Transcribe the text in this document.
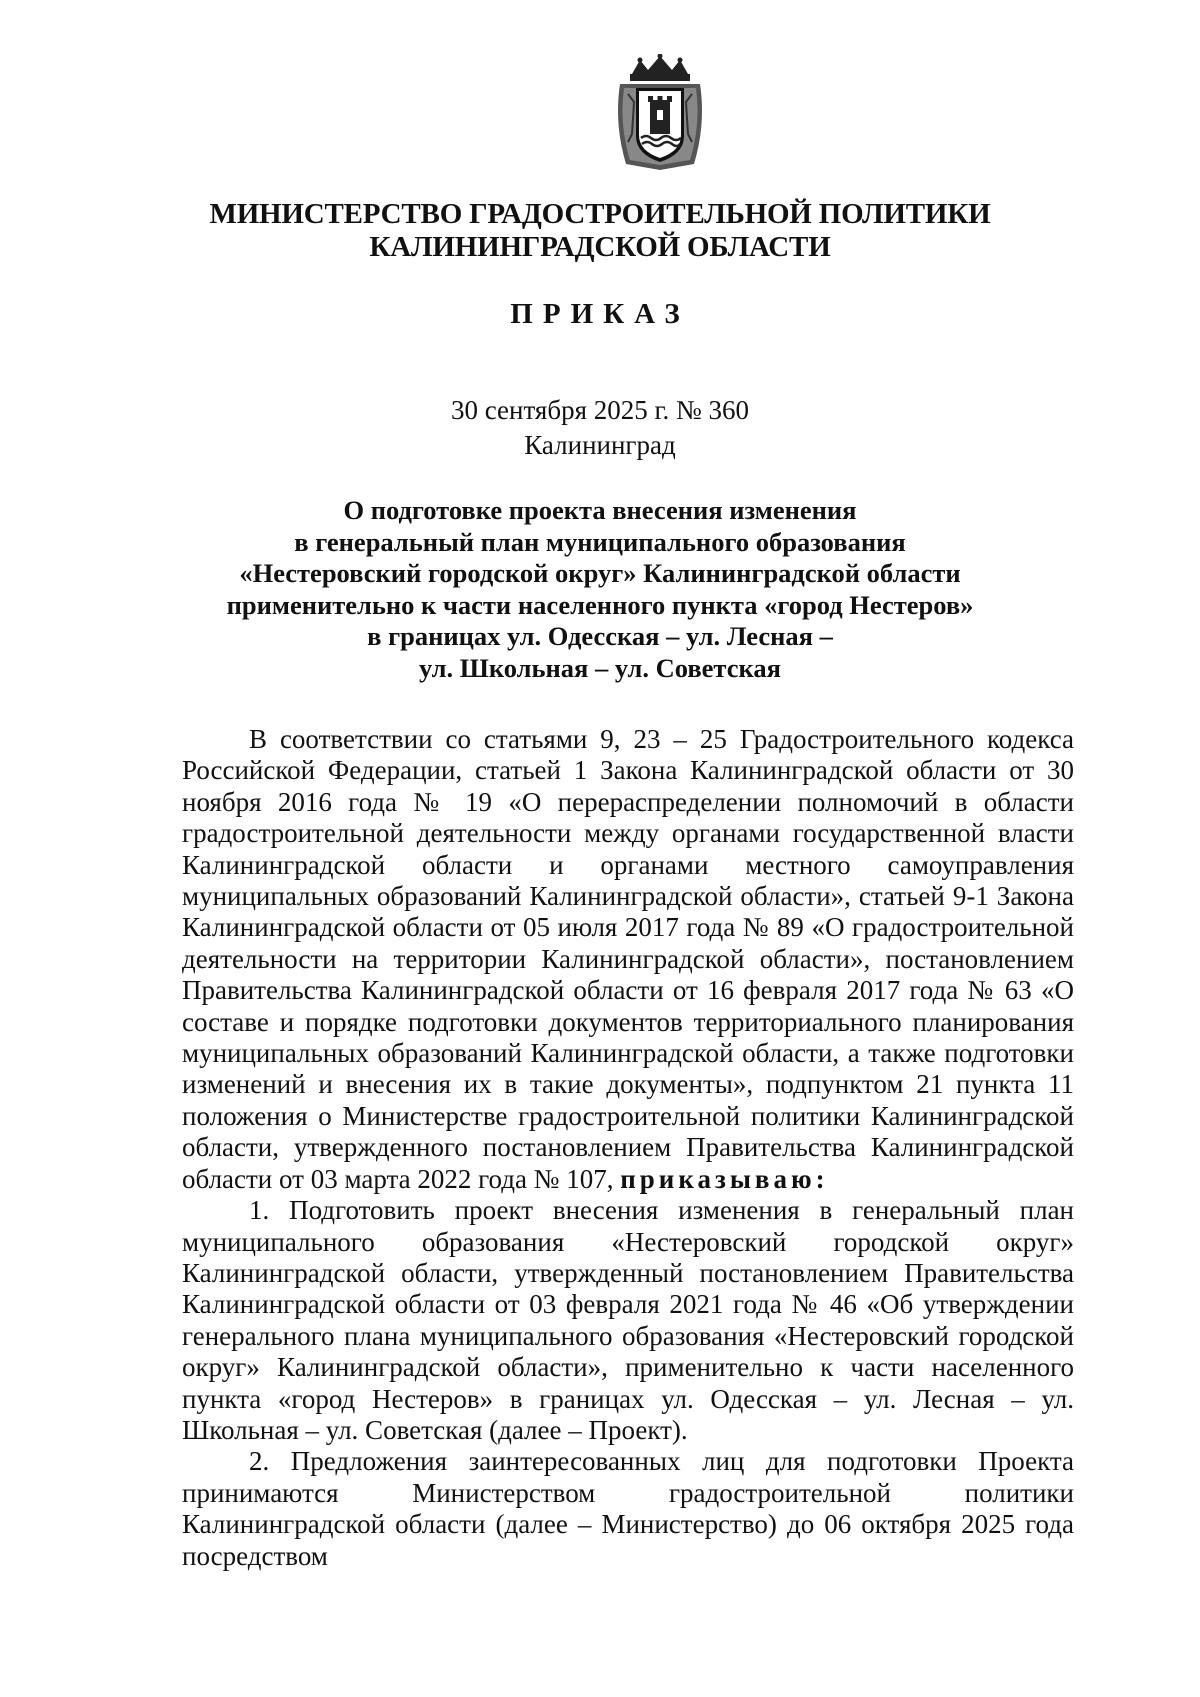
МИНИСТЕРСТВО ГРАДОСТРОИТЕЛЬНОЙ ПОЛИТИКИ
КАЛИНИНГРАДСКОЙ ОБЛАСТИ
ПРИКАЗ
30 сентября 2025 г. № 360
Калининград
О подготовке проекта внесения изменения
в генеральный план муниципального образования
«Нестеровский городской округ» Калининградской области
применительно к части населенного пункта «город Нестеров»
в границах ул. Одесская – ул. Лесная –
ул. Школьная – ул. Советская

В соответствии со статьями 9, 23 – 25 Градостроительного кодекса Российской Федерации, статьей 1 Закона Калининградской области от 30 ноября 2016 года № 19 «О перераспределении полномочий в области градостроительной деятельности между органами государственной власти Калининградской области и органами местного самоуправления муниципальных образований Калининградской области», статьей 9-1 Закона Калининградской области от 05 июля 2017 года № 89 «О градостроительной деятельности на территории Калининградской области», постановлением Правительства Калининградской области от 16 февраля 2017 года № 63 «О составе и порядке подготовки документов территориального планирования муниципальных образований Калининградской области, а также подготовки изменений и внесения их в такие документы», подпунктом 21 пункта 11 положения о Министерстве градостроительной политики Калининградской области, утвержденного постановлением Правительства Калининградской области от 03 марта 2022 года № 107, приказываю:

1. Подготовить проект внесения изменения в генеральный план муниципального образования «Нестеровский городской округ» Калининградской области, утвержденный постановлением Правительства Калининградской области от 03 февраля 2021 года № 46 «Об утверждении генерального плана муниципального образования «Нестеровский городской округ» Калининградской области», применительно к части населенного пункта «город Нестеров» в границах ул. Одесская – ул. Лесная – ул. Школьная – ул. Советская (далее – Проект).

2. Предложения заинтересованных лиц для подготовки Проекта принимаются Министерством градостроительной политики Калининградской области (далее – Министерство) до 06 октября 2025 года посредством
